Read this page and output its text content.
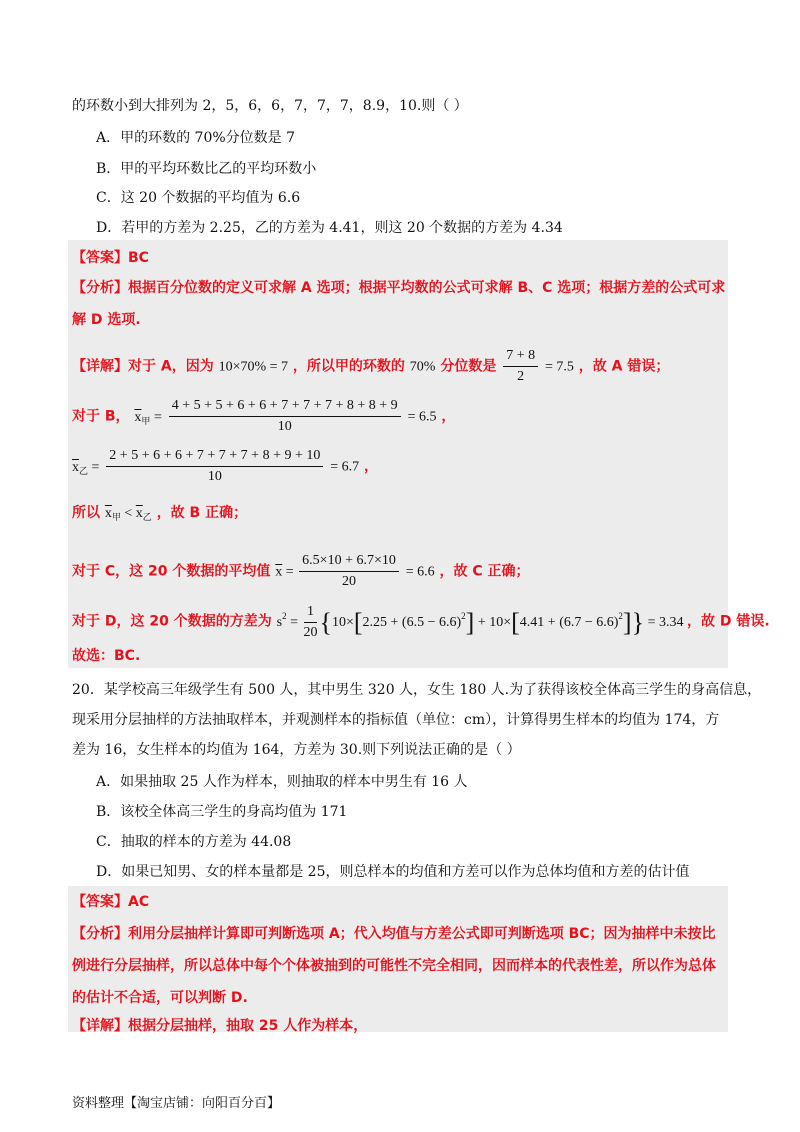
的环数小到大排列为 2，5，6，6，7，7，7，8.9，10.则（ ）
A．甲的环数的 70%分位数是 7
B．甲的平均环数比乙的平均环数小
C．这 20 个数据的平均值为 6.6
D．若甲的方差为 2.25，乙的方差为 4.41，则这 20 个数据的方差为 4.34
【答案】BC
【分析】根据百分位数的定义可求解 A 选项；根据平均数的公式可求解 B、C 选项；根据方差的公式可求
解 D 选项.
【详解】对于 A，因为 10×70% = 7 ，所以甲的环数的 70% 分位数是 $\frac{7 + 8}{2} = 7.5$ ，故 A 错误；
对于 B， $\overline{x}_甲 = \frac{4 + 5 + 5 + 6 + 6 + 7 + 7 + 7 + 8 + 8 + 9}{10} = 6.5$ ，
$\overline{x}_乙 = \frac{2 + 5 + 6 + 6 + 7 + 7 + 7 + 8 + 9 + 10}{10} = 6.7$ ，
所以 $\overline{x}_甲 < \overline{x}_乙$ ，故 B 正确；
对于 C，这 20 个数据的平均值 $\overline{x} = \frac{6.5\times 10 + 6.7\times 10}{20} = 6.6$ ，故 C 正确；
对于 D，这 20 个数据的方差为 $s^2 = \frac{1}{20} \{10\times[2.25 + (6.5 - 6.6)^2] + 10\times[4.41 + (6.7 - 6.6)^2]\} = 3.34$ ，故 D 错误.
故选：BC.
20．某学校高三年级学生有 500 人，其中男生 320 人，女生 180 人.为了获得该校全体高三学生的身高信息，
现采用分层抽样的方法抽取样本，并观测样本的指标值（单位：cm），计算得男生样本的均值为 174，方
差为 16，女生样本的均值为 164，方差为 30.则下列说法正确的是（ ）
A．如果抽取 25 人作为样本，则抽取的样本中男生有 16 人
B．该校全体高三学生的身高均值为 171
C．抽取的样本的方差为 44.08
D．如果已知男、女的样本量都是 25，则总样本的均值和方差可以作为总体均值和方差的估计值
【答案】AC
【分析】利用分层抽样计算即可判断选项 A；代入均值与方差公式即可判断选项 BC；因为抽样中未按比
例进行分层抽样，所以总体中每个个体被抽到的可能性不完全相同，因而样本的代表性差，所以作为总体
的估计不合适，可以判断 D.
【详解】根据分层抽样，抽取 25 人作为样本，
资料整理【淘宝店铺：向阳百分百】
